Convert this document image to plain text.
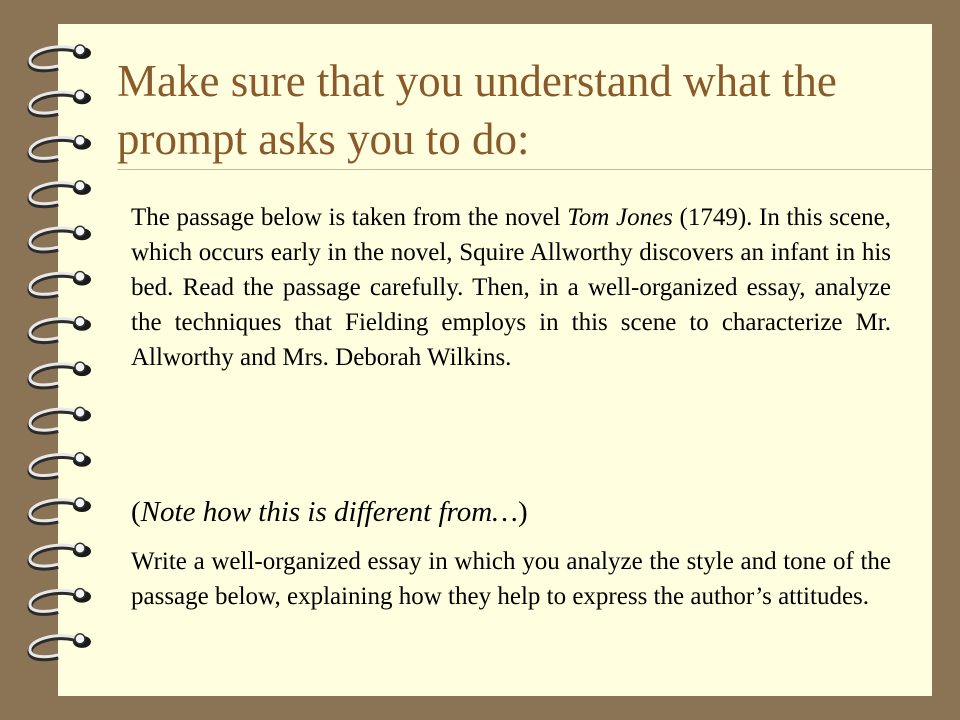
Make sure that you understand what the prompt asks you to do:

The passage below is taken from the novel Tom Jones (1749). In this scene, which occurs early in the novel, Squire Allworthy discovers an infant in his bed. Read the passage carefully. Then, in a well-organized essay, analyze the techniques that Fielding employs in this scene to characterize Mr. Allworthy and Mrs. Deborah Wilkins.

(Note how this is different from…)

Write a well-organized essay in which you analyze the style and tone of the passage below, explaining how they help to express the author’s attitudes.
